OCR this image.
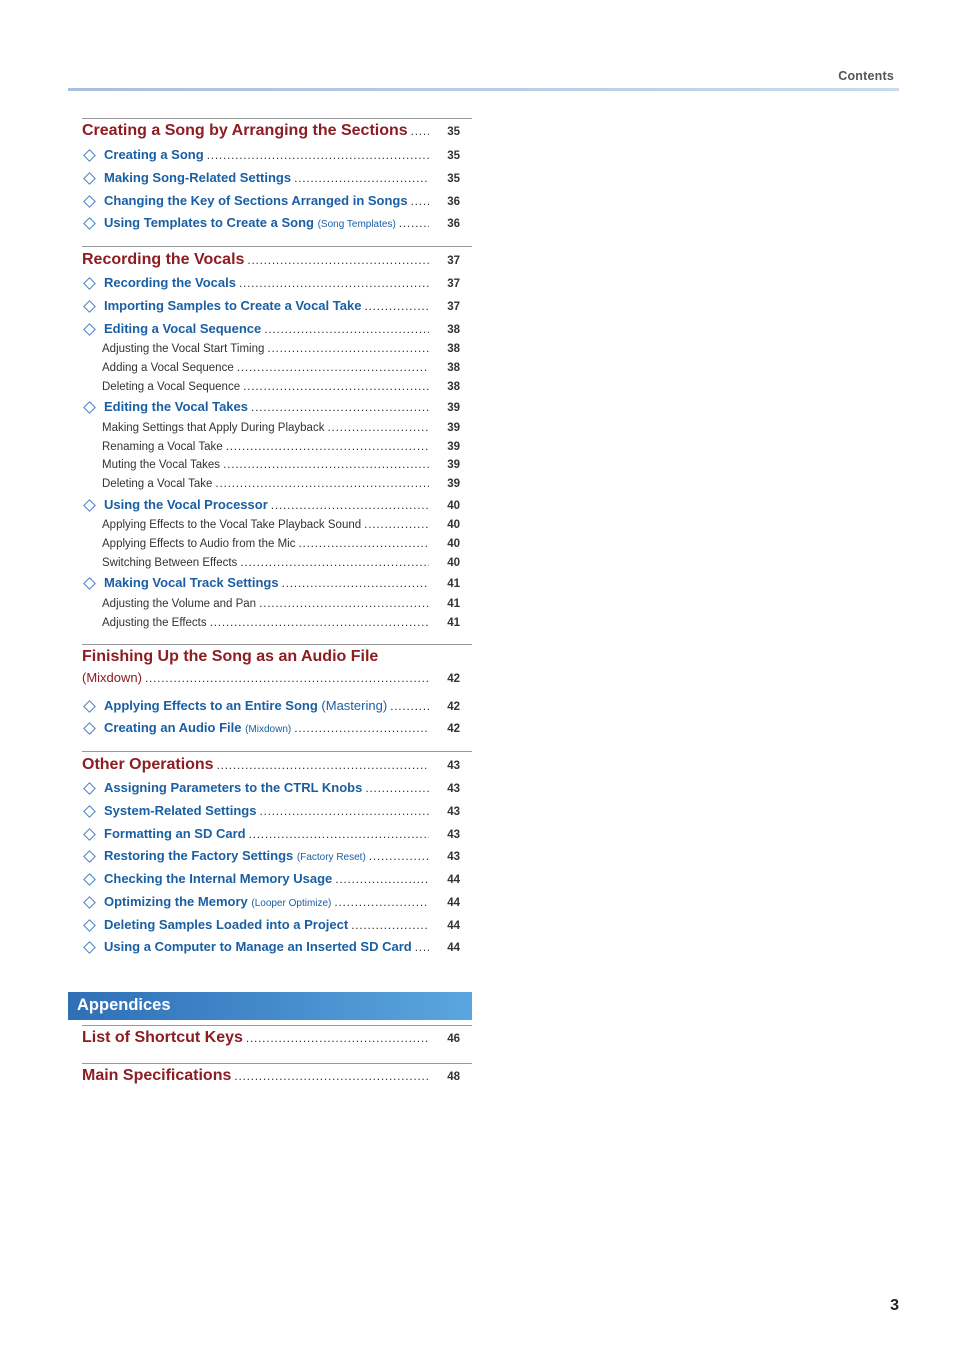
Contents
Creating a Song by Arranging the Sections . . .	35
Creating a Song . . .	35
Making Song-Related Settings . . .	35
Changing the Key of Sections Arranged in Songs . . .	36
Using Templates to Create a Song (Song Templates) . . .	36
Recording the Vocals . . .	37
Recording the Vocals . . .	37
Importing Samples to Create a Vocal Take . . .	37
Editing a Vocal Sequence . . .	38
Adjusting the Vocal Start Timing . . .	38
Adding a Vocal Sequence . . .	38
Deleting a Vocal Sequence . . .	38
Editing the Vocal Takes . . .	39
Making Settings that Apply During Playback . . .	39
Renaming a Vocal Take . . .	39
Muting the Vocal Takes . . .	39
Deleting a Vocal Take . . .	39
Using the Vocal Processor . . .	40
Applying Effects to the Vocal Take Playback Sound . . .	40
Applying Effects to Audio from the Mic . . .	40
Switching Between Effects . . .	40
Making Vocal Track Settings . . .	41
Adjusting the Volume and Pan . . .	41
Adjusting the Effects . . .	41
Finishing Up the Song as an Audio File
(Mixdown) . . .	42
Applying Effects to an Entire Song (Mastering) . . .	42
Creating an Audio File (Mixdown) . . .	42
Other Operations . . .	43
Assigning Parameters to the CTRL Knobs . . .	43
System-Related Settings . . .	43
Formatting an SD Card . . .	43
Restoring the Factory Settings (Factory Reset) . . .	43
Checking the Internal Memory Usage . . .	44
Optimizing the Memory (Looper Optimize) . . .	44
Deleting Samples Loaded into a Project . . .	44
Using a Computer to Manage an Inserted SD Card . . .	44
Appendices
List of Shortcut Keys . . .	46
Main Specifications . . .	48
3
